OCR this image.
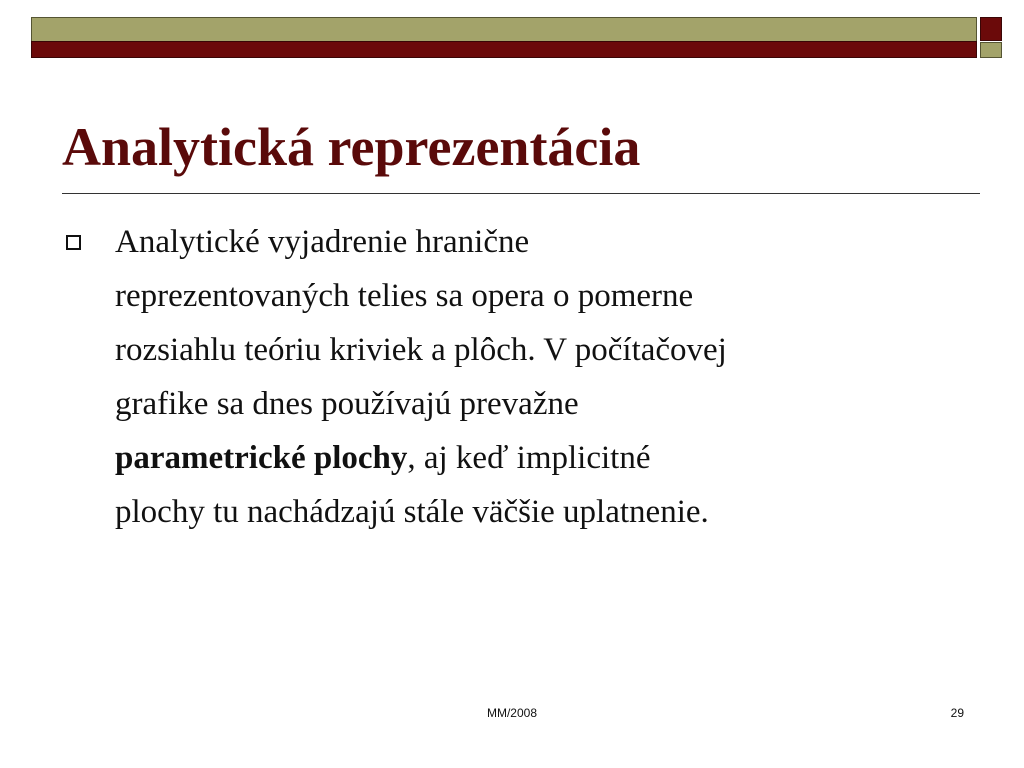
Analytická reprezentácia

Analytické vyjadrenie hranične
reprezentovaných telies sa opera o pomerne
rozsiahlu teóriu kriviek a plôch. V počítačovej
grafike sa dnes používajú prevažne
parametrické plochy, aj keď implicitné
plochy tu nachádzajú stále väčšie uplatnenie.

MM/2008	29
